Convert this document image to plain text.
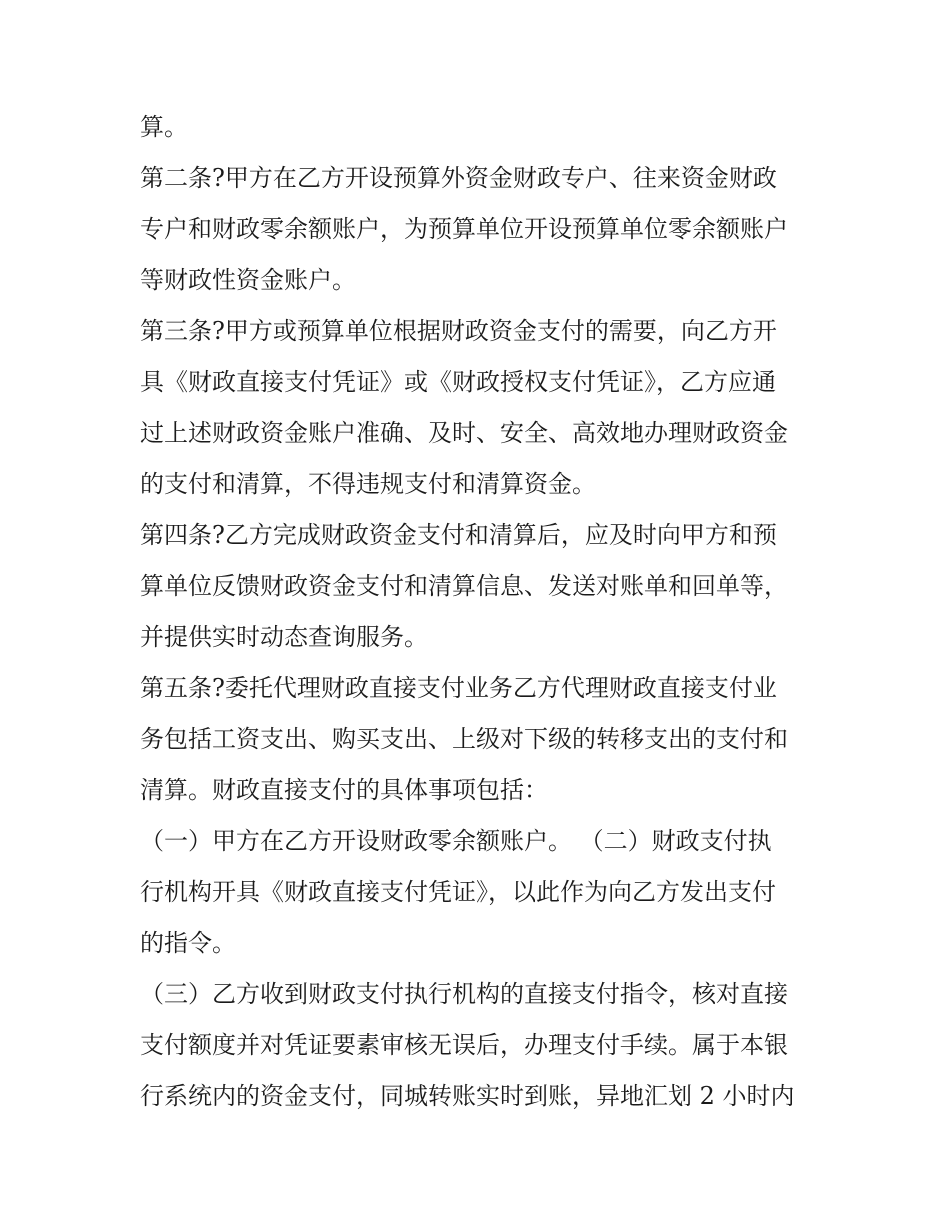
算。
第二条?甲方在乙方开设预算外资金财政专户、往来资金财政
专户和财政零余额账户，为预算单位开设预算单位零余额账户
等财政性资金账户。
第三条?甲方或预算单位根据财政资金支付的需要，向乙方开
具《财政直接支付凭证》或《财政授权支付凭证》，乙方应通
过上述财政资金账户准确、及时、安全、高效地办理财政资金
的支付和清算，不得违规支付和清算资金。
第四条?乙方完成财政资金支付和清算后，应及时向甲方和预
算单位反馈财政资金支付和清算信息、发送对账单和回单等，
并提供实时动态查询服务。
第五条?委托代理财政直接支付业务乙方代理财政直接支付业
务包括工资支出、购买支出、上级对下级的转移支出的支付和
清算。财政直接支付的具体事项包括：
（一）甲方在乙方开设财政零余额账户。 （二）财政支付执
行机构开具《财政直接支付凭证》，以此作为向乙方发出支付
的指令。
（三）乙方收到财政支付执行机构的直接支付指令，核对直接
支付额度并对凭证要素审核无误后，办理支付手续。属于本银
行系统内的资金支付，同城转账实时到账，异地汇划 2 小时内
